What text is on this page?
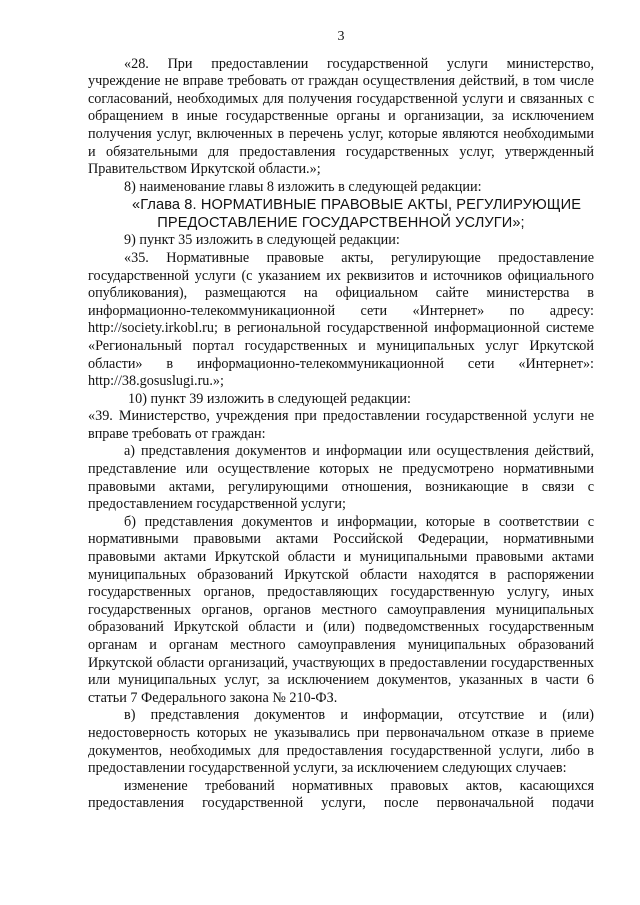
3

«28. При предоставлении государственной услуги министерство, учреждение не вправе требовать от граждан осуществления действий, в том числе согласований, необходимых для получения государственной услуги и связанных с обращением в иные государственные органы и организации, за исключением получения услуг, включенных в перечень услуг, которые являются необходимыми и обязательными для предоставления государственных услуг, утвержденный Правительством Иркутской области.»;

8) наименование главы 8 изложить в следующей редакции:

«Глава 8. НОРМАТИВНЫЕ ПРАВОВЫЕ АКТЫ, РЕГУЛИРУЮЩИЕ
ПРЕДОСТАВЛЕНИЕ ГОСУДАРСТВЕННОЙ УСЛУГИ»;

9) пункт 35 изложить в следующей редакции:

«35. Нормативные правовые акты, регулирующие предоставление государственной услуги (с указанием их реквизитов и источников официального опубликования), размещаются на официальном сайте министерства в информационно-телекоммуникационной сети «Интернет» по адресу: http://society.irkobl.ru; в региональной государственной информационной системе «Региональный портал государственных и муниципальных услуг Иркутской области» в информационно-телекоммуникационной сети «Интернет»: http://38.gosuslugi.ru.»;

10) пункт 39 изложить в следующей редакции:

«39. Министерство, учреждения при предоставлении государственной услуги не вправе требовать от граждан:

а) представления документов и информации или осуществления действий, представление или осуществление которых не предусмотрено нормативными правовыми актами, регулирующими отношения, возникающие в связи с предоставлением государственной услуги;

б) представления документов и информации, которые в соответствии с нормативными правовыми актами Российской Федерации, нормативными правовыми актами Иркутской области и муниципальными правовыми актами муниципальных образований Иркутской области находятся в распоряжении государственных органов, предоставляющих государственную услугу, иных государственных органов, органов местного самоуправления муниципальных образований Иркутской области и (или) подведомственных государственным органам и органам местного самоуправления муниципальных образований Иркутской области организаций, участвующих в предоставлении государственных или муниципальных услуг, за исключением документов, указанных в части 6 статьи 7 Федерального закона № 210-ФЗ.

в) представления документов и информации, отсутствие и (или) недостоверность которых не указывались при первоначальном отказе в приеме документов, необходимых для предоставления государственной услуги, либо в предоставлении государственной услуги, за исключением следующих случаев:

изменение требований нормативных правовых актов, касающихся предоставления государственной услуги, после первоначальной подачи
